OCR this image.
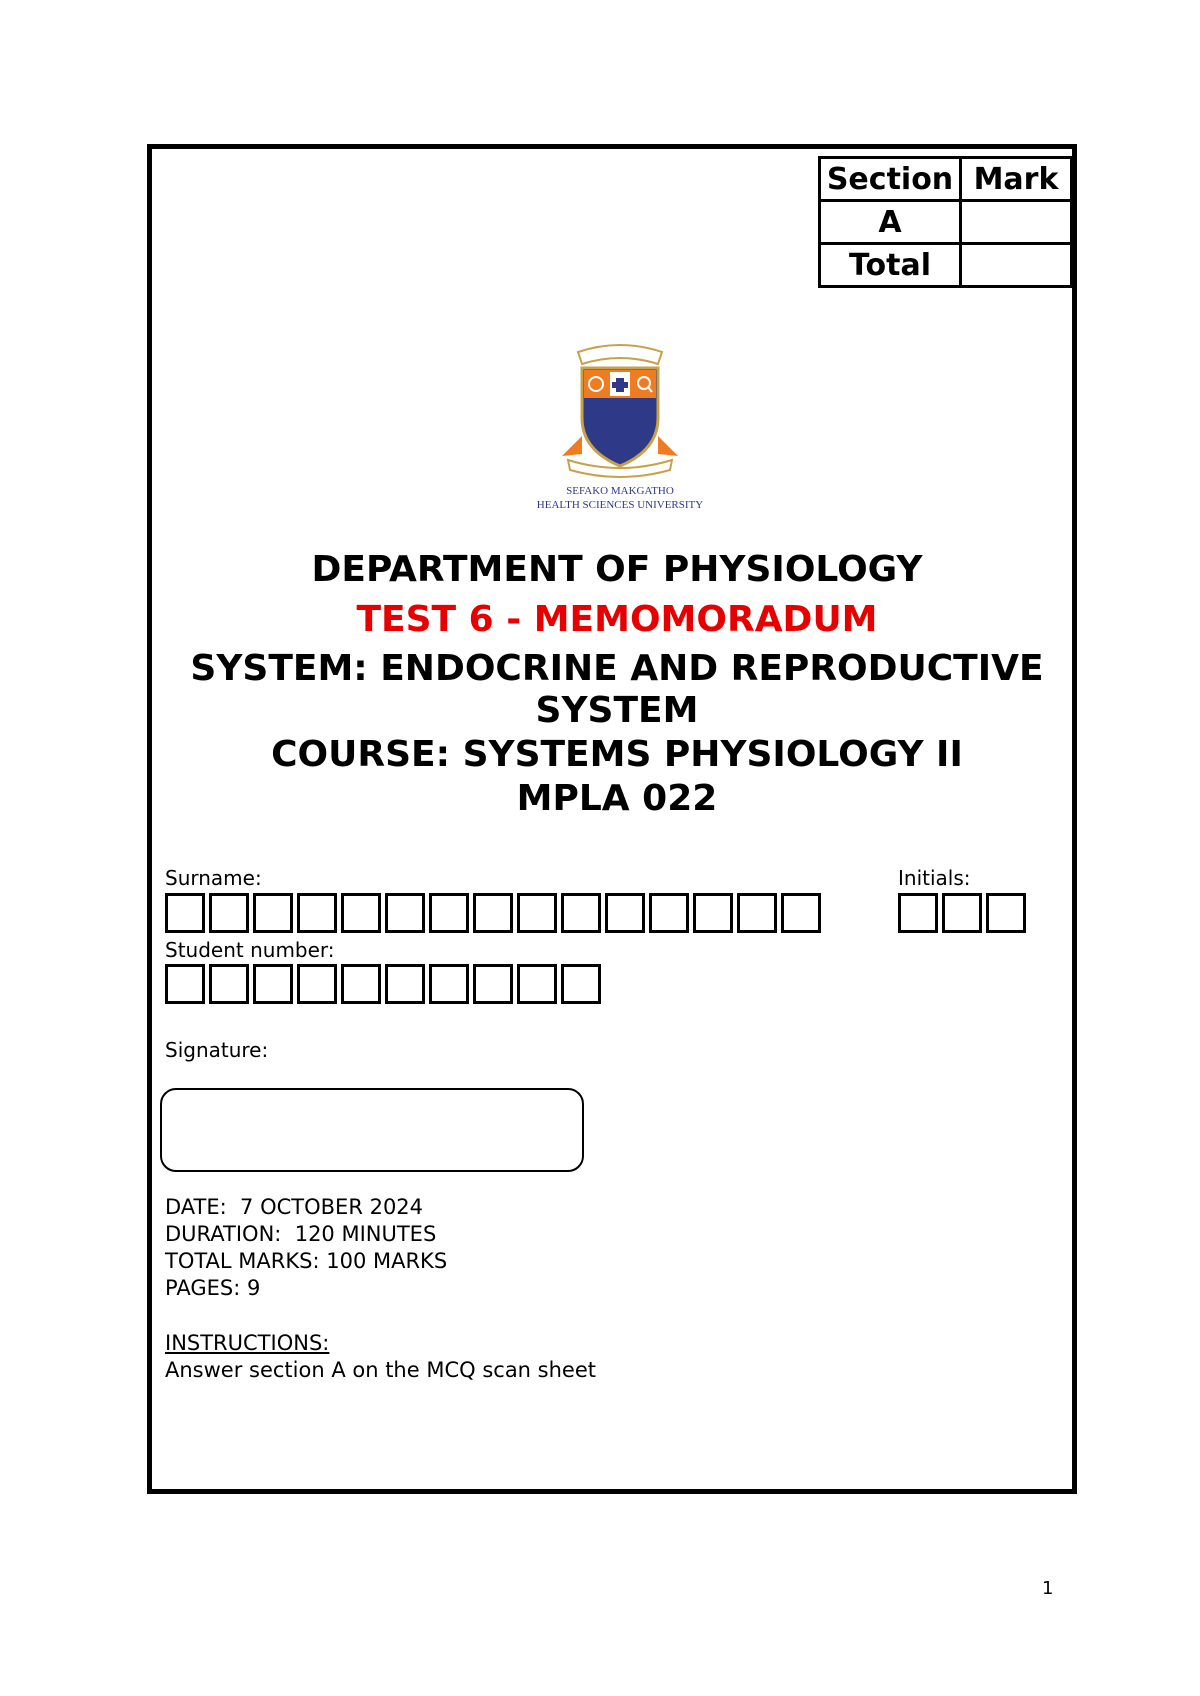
Section	Mark
A	
Total	
SEFAKO MAKGATHO
HEALTH SCIENCES UNIVERSITY

DEPARTMENT OF PHYSIOLOGY

TEST 6 - MEMOMORADUM

SYSTEM: ENDOCRINE AND REPRODUCTIVE

SYSTEM

COURSE: SYSTEMS PHYSIOLOGY II

MPLA 022

Surname:	Initials:
Student number:
Signature:
DATE:  7 OCTOBER 2024
DURATION:  120 MINUTES
TOTAL MARKS: 100 MARKS
PAGES: 9
INSTRUCTIONS:
Answer section A on the MCQ scan sheet
1
